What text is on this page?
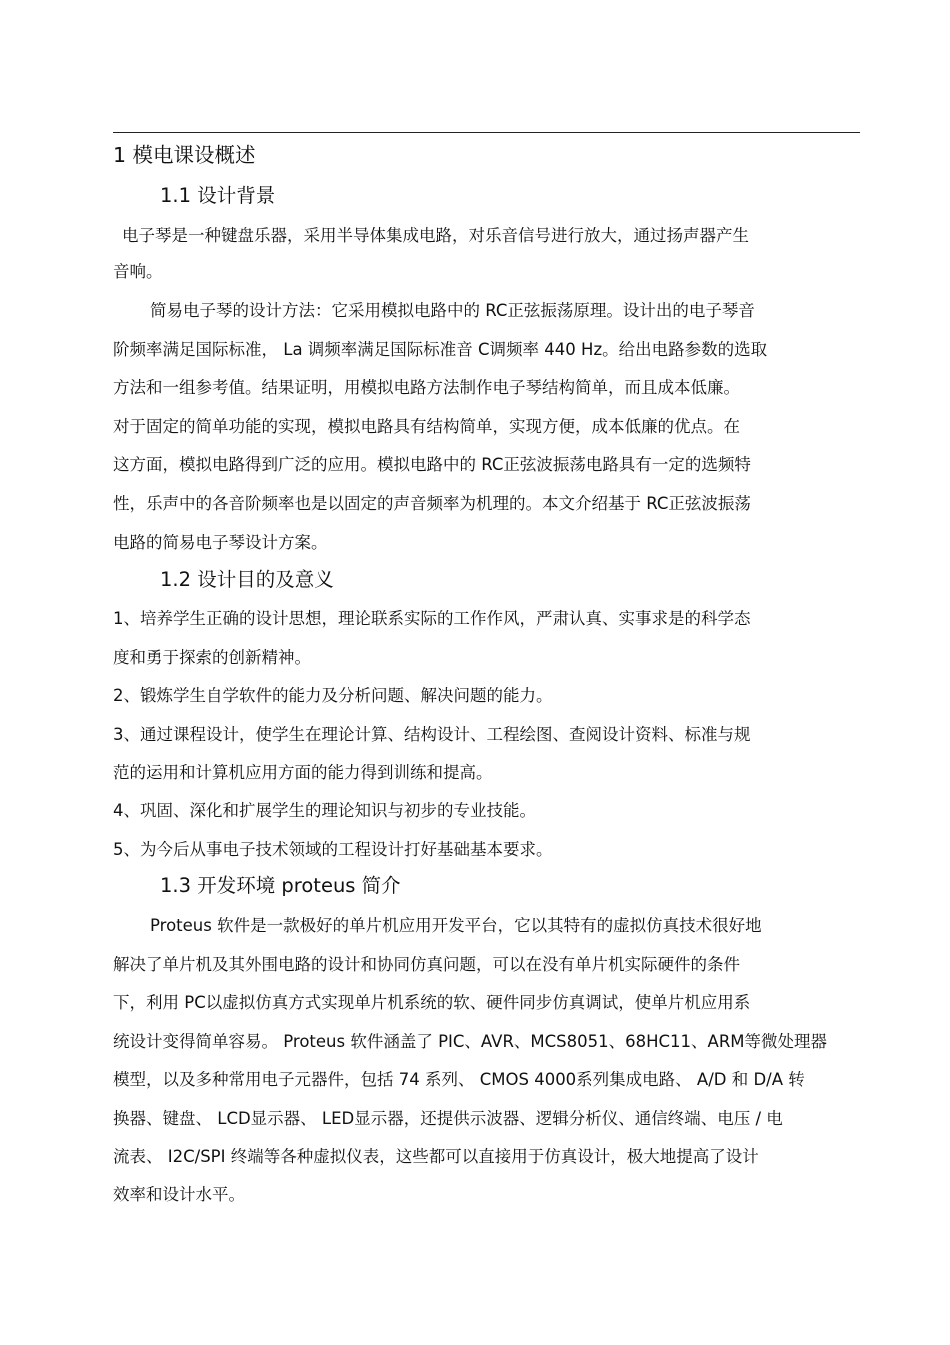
1 模电课设概述
1.1 设计背景
电子琴是一种键盘乐器，采用半导体集成电路，对乐音信号进行放大，通过扬声器产生
音响。
简易电子琴的设计方法：它采用模拟电路中的 RC正弦振荡原理。设计出的电子琴音
阶频率满足国际标准， La 调频率满足国际标准音 C调频率 440 Hz。给出电路参数的选取
方法和一组参考值。结果证明，用模拟电路方法制作电子琴结构简单，而且成本低廉。
对于固定的简单功能的实现，模拟电路具有结构简单，实现方便，成本低廉的优点。在
这方面，模拟电路得到广泛的应用。模拟电路中的 RC正弦波振荡电路具有一定的选频特
性，乐声中的各音阶频率也是以固定的声音频率为机理的。本文介绍基于 RC正弦波振荡
电路的简易电子琴设计方案。
1.2 设计目的及意义
1、培养学生正确的设计思想，理论联系实际的工作作风，严肃认真、实事求是的科学态
度和勇于探索的创新精神。
2、锻炼学生自学软件的能力及分析问题、解决问题的能力。
3、通过课程设计，使学生在理论计算、结构设计、工程绘图、查阅设计资料、标准与规
范的运用和计算机应用方面的能力得到训练和提高。
4、巩固、深化和扩展学生的理论知识与初步的专业技能。
5、为今后从事电子技术领域的工程设计打好基础基本要求。
1.3 开发环境 proteus 简介
Proteus 软件是一款极好的单片机应用开发平台，它以其特有的虚拟仿真技术很好地
解决了单片机及其外围电路的设计和协同仿真问题，可以在没有单片机实际硬件的条件
下，利用 PC以虚拟仿真方式实现单片机系统的软、硬件同步仿真调试，使单片机应用系
统设计变得简单容易。 Proteus 软件涵盖了 PIC、AVR、MCS8051、68HC11、ARM等微处理器
模型，以及多种常用电子元器件，包括 74 系列、 CMOS 4000系列集成电路、 A/D 和 D/A 转
换器、键盘、 LCD显示器、 LED显示器，还提供示波器、逻辑分析仪、通信终端、电压 / 电
流表、 I2C/SPI 终端等各种虚拟仪表，这些都可以直接用于仿真设计，极大地提高了设计
效率和设计水平。
